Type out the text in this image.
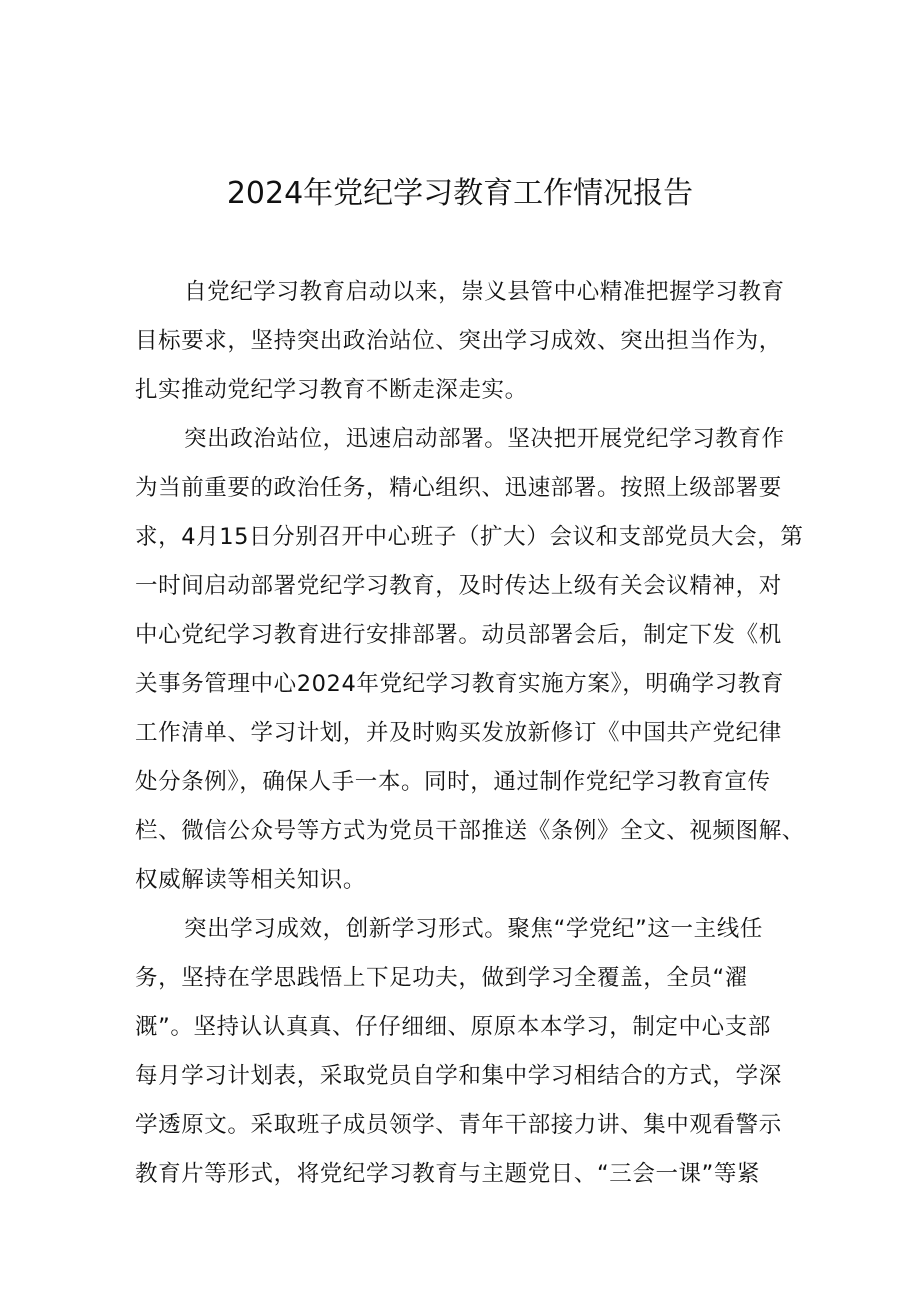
2024年党纪学习教育工作情况报告

自党纪学习教育启动以来，崇义县管中心精准把握学习教育

目标要求，坚持突出政治站位、突出学习成效、突出担当作为，

扎实推动党纪学习教育不断走深走实。

突出政治站位，迅速启动部署。坚决把开展党纪学习教育作

为当前重要的政治任务，精心组织、迅速部署。按照上级部署要

求，4月15日分别召开中心班子（扩大）会议和支部党员大会，第

一时间启动部署党纪学习教育，及时传达上级有关会议精神，对

中心党纪学习教育进行安排部署。动员部署会后，制定下发《机

关事务管理中心2024年党纪学习教育实施方案》，明确学习教育

工作清单、学习计划，并及时购买发放新修订《中国共产党纪律

处分条例》，确保人手一本。同时，通过制作党纪学习教育宣传

栏、微信公众号等方式为党员干部推送《条例》全文、视频图解、

权威解读等相关知识。

突出学习成效，创新学习形式。聚焦“学党纪”这一主线任

务，坚持在学思践悟上下足功夫，做到学习全覆盖，全员“濯

溉”。坚持认认真真、仔仔细细、原原本本学习，制定中心支部

每月学习计划表，采取党员自学和集中学习相结合的方式，学深

学透原文。采取班子成员领学、青年干部接力讲、集中观看警示

教育片等形式，将党纪学习教育与主题党日、“三会一课”等紧
